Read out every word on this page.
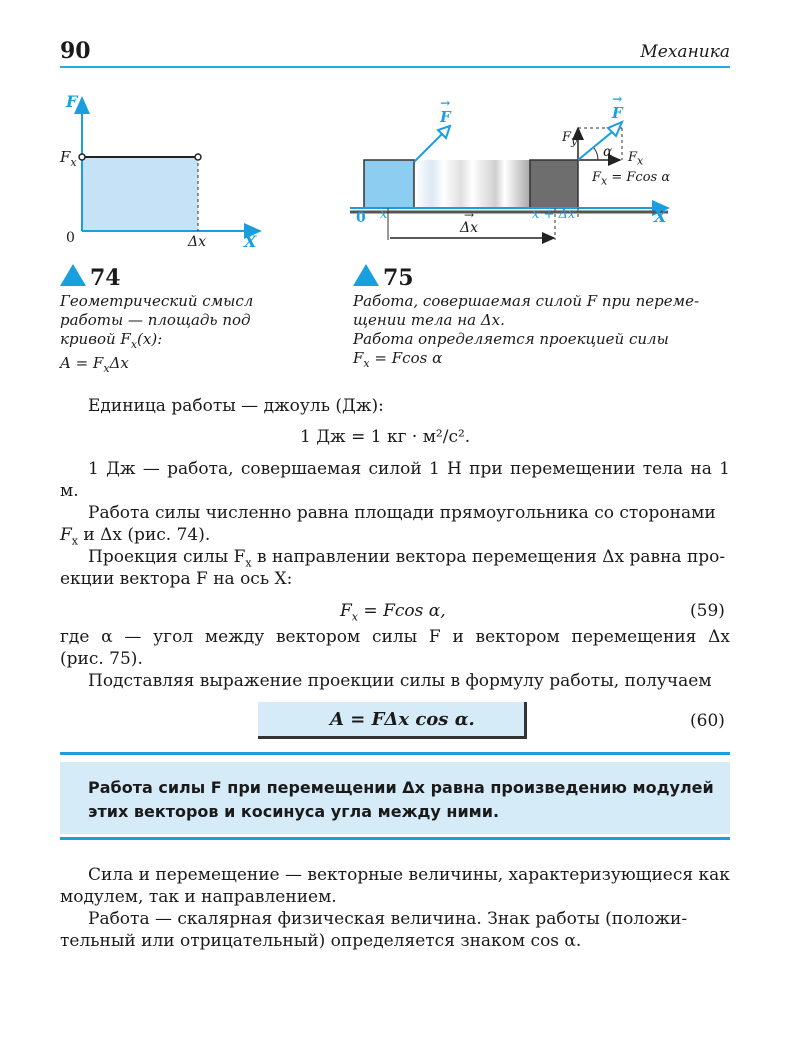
90	Механика
F
$F_x$
0	Δx X
74
Геометрический смысл
работы — площадь под
кривой $F_x(x)$:
$A = F_x\Delta x$
→ F
→	F
$F_y$
α $F_x$
$F_x = Fcos$ α
0 x	x + Δx
→ Δx
X
75
Работа, совершаемая силой F при переме-
щении тела на Δx.
Работа определяется проекцией силы
$F_x = Fcos$ α
Единица работы — джоуль (Дж):
1 Дж = 1 кг · м²/с².
1 Дж — работа, совершаемая силой 1 Н при перемещении тела на 1 м.
Работа силы численно равна площади прямоугольника со сторонами
$F_x$ и Δx (рис. 74).
Проекция силы $F_x$ в направлении вектора перемещения Δx равна про-
екции вектора F на ось X:
$F_x = Fcos$ α,	(59)
где α — угол между вектором силы F и вектором перемещения Δx
(рис. 75).
Подставляя выражение проекции силы в формулу работы, получаем
A = FΔx cos α.	(60)
Работа силы F при перемещении Δx равна произведению модулей
этих векторов и косинуса угла между ними.
Сила и перемещение — векторные величины, характеризующиеся как
модулем, так и направлением.
Работа — скалярная физическая величина. Знак работы (положи-
тельный или отрицательный) определяется знаком cos α.
